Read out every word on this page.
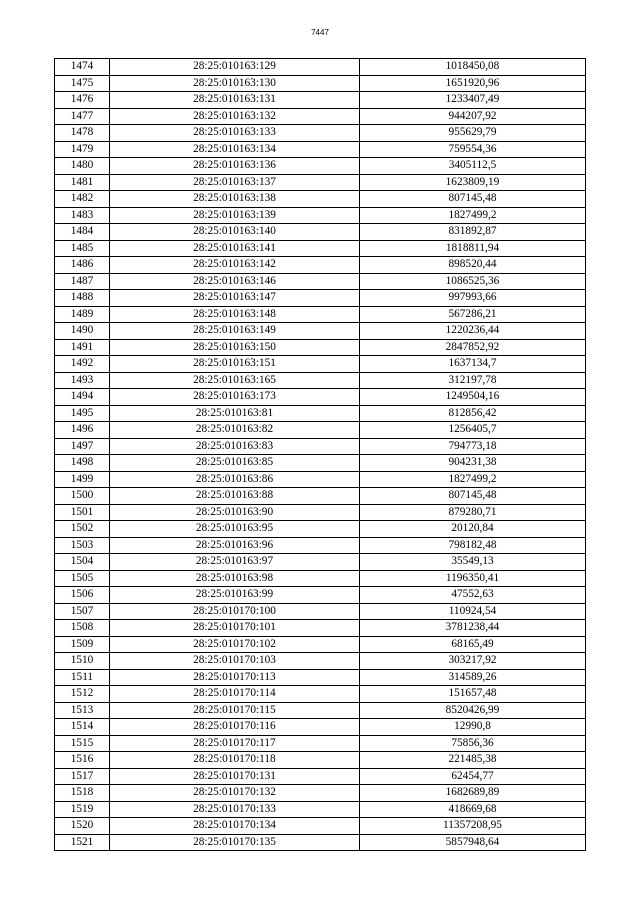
7447
1474	28:25:010163:129	1018450,08
1475	28:25:010163:130	1651920,96
1476	28:25:010163:131	1233407,49
1477	28:25:010163:132	944207,92
1478	28:25:010163:133	955629,79
1479	28:25:010163:134	759554,36
1480	28:25:010163:136	3405112,5
1481	28:25:010163:137	1623809,19
1482	28:25:010163:138	807145,48
1483	28:25:010163:139	1827499,2
1484	28:25:010163:140	831892,87
1485	28:25:010163:141	1818811,94
1486	28:25:010163:142	898520,44
1487	28:25:010163:146	1086525,36
1488	28:25:010163:147	997993,66
1489	28:25:010163:148	567286,21
1490	28:25:010163:149	1220236,44
1491	28:25:010163:150	2847852,92
1492	28:25:010163:151	1637134,7
1493	28:25:010163:165	312197,78
1494	28:25:010163:173	1249504,16
1495	28:25:010163:81	812856,42
1496	28:25:010163:82	1256405,7
1497	28:25:010163:83	794773,18
1498	28:25:010163:85	904231,38
1499	28:25:010163:86	1827499,2
1500	28:25:010163:88	807145,48
1501	28:25:010163:90	879280,71
1502	28:25:010163:95	20120,84
1503	28:25:010163:96	798182,48
1504	28:25:010163:97	35549,13
1505	28:25:010163:98	1196350,41
1506	28:25:010163:99	47552,63
1507	28:25:010170:100	110924,54
1508	28:25:010170:101	3781238,44
1509	28:25:010170:102	68165,49
1510	28:25:010170:103	303217,92
1511	28:25:010170:113	314589,26
1512	28:25:010170:114	151657,48
1513	28:25:010170:115	8520426,99
1514	28:25:010170:116	12990,8
1515	28:25:010170:117	75856,36
1516	28:25:010170:118	221485,38
1517	28:25:010170:131	62454,77
1518	28:25:010170:132	1682689,89
1519	28:25:010170:133	418669,68
1520	28:25:010170:134	11357208,95
1521	28:25:010170:135	5857948,64
